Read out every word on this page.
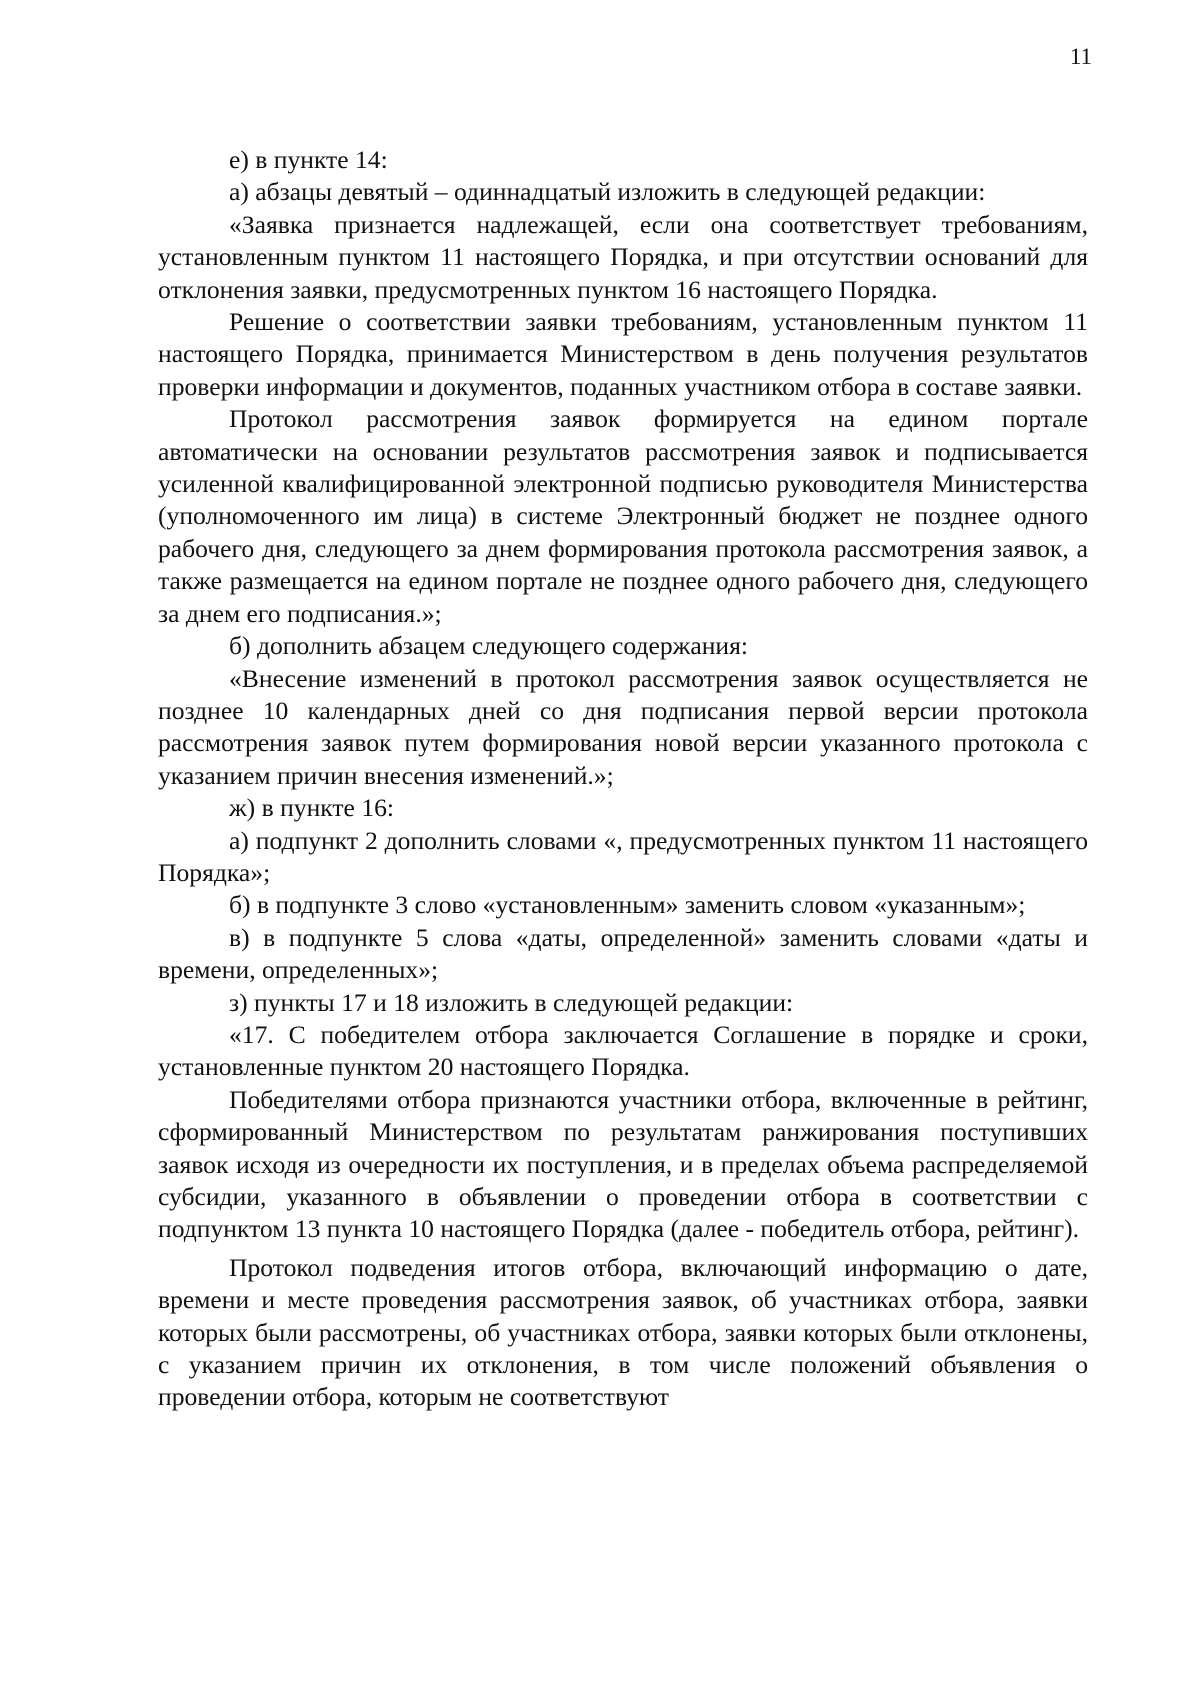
11

е) в пункте 14:

а) абзацы девятый – одиннадцатый изложить в следующей редакции:

«Заявка признается надлежащей, если она соответствует требованиям, установленным пунктом 11 настоящего Порядка, и при отсутствии оснований для отклонения заявки, предусмотренных пунктом 16 настоящего Порядка.

Решение о соответствии заявки требованиям, установленным пунктом 11 настоящего Порядка, принимается Министерством в день получения результатов проверки информации и документов, поданных участником отбора в составе заявки.

Протокол рассмотрения заявок формируется на едином портале автоматически на основании результатов рассмотрения заявок и подписывается усиленной квалифицированной электронной подписью руководителя Министерства (уполномоченного им лица) в системе Электронный бюджет не позднее одного рабочего дня, следующего за днем формирования протокола рассмотрения заявок, а также размещается на едином портале не позднее одного рабочего дня, следующего за днем его подписания.»;

б) дополнить абзацем следующего содержания:

«Внесение изменений в протокол рассмотрения заявок осуществляется не позднее 10 календарных дней со дня подписания первой версии протокола рассмотрения заявок путем формирования новой версии указанного протокола с указанием причин внесения изменений.»;

ж) в пункте 16:

а) подпункт 2 дополнить словами «, предусмотренных пунктом 11 настоящего Порядка»;

б) в подпункте 3 слово «установленным» заменить словом «указанным»;

в) в подпункте 5 слова «даты, определенной» заменить словами «даты и времени, определенных»;

з) пункты 17 и 18 изложить в следующей редакции:

«17. С победителем отбора заключается Соглашение в порядке и сроки, установленные пунктом 20 настоящего Порядка.

Победителями отбора признаются участники отбора, включенные в рейтинг, сформированный Министерством по результатам ранжирования поступивших заявок исходя из очередности их поступления, и в пределах объема распределяемой субсидии, указанного в объявлении о проведении отбора в соответствии с подпунктом 13 пункта 10 настоящего Порядка (далее - победитель отбора, рейтинг).

Протокол подведения итогов отбора, включающий информацию о дате, времени и месте проведения рассмотрения заявок, об участниках отбора, заявки которых были рассмотрены, об участниках отбора, заявки которых были отклонены, с указанием причин их отклонения, в том числе положений объявления о проведении отбора, которым не соответствуют
